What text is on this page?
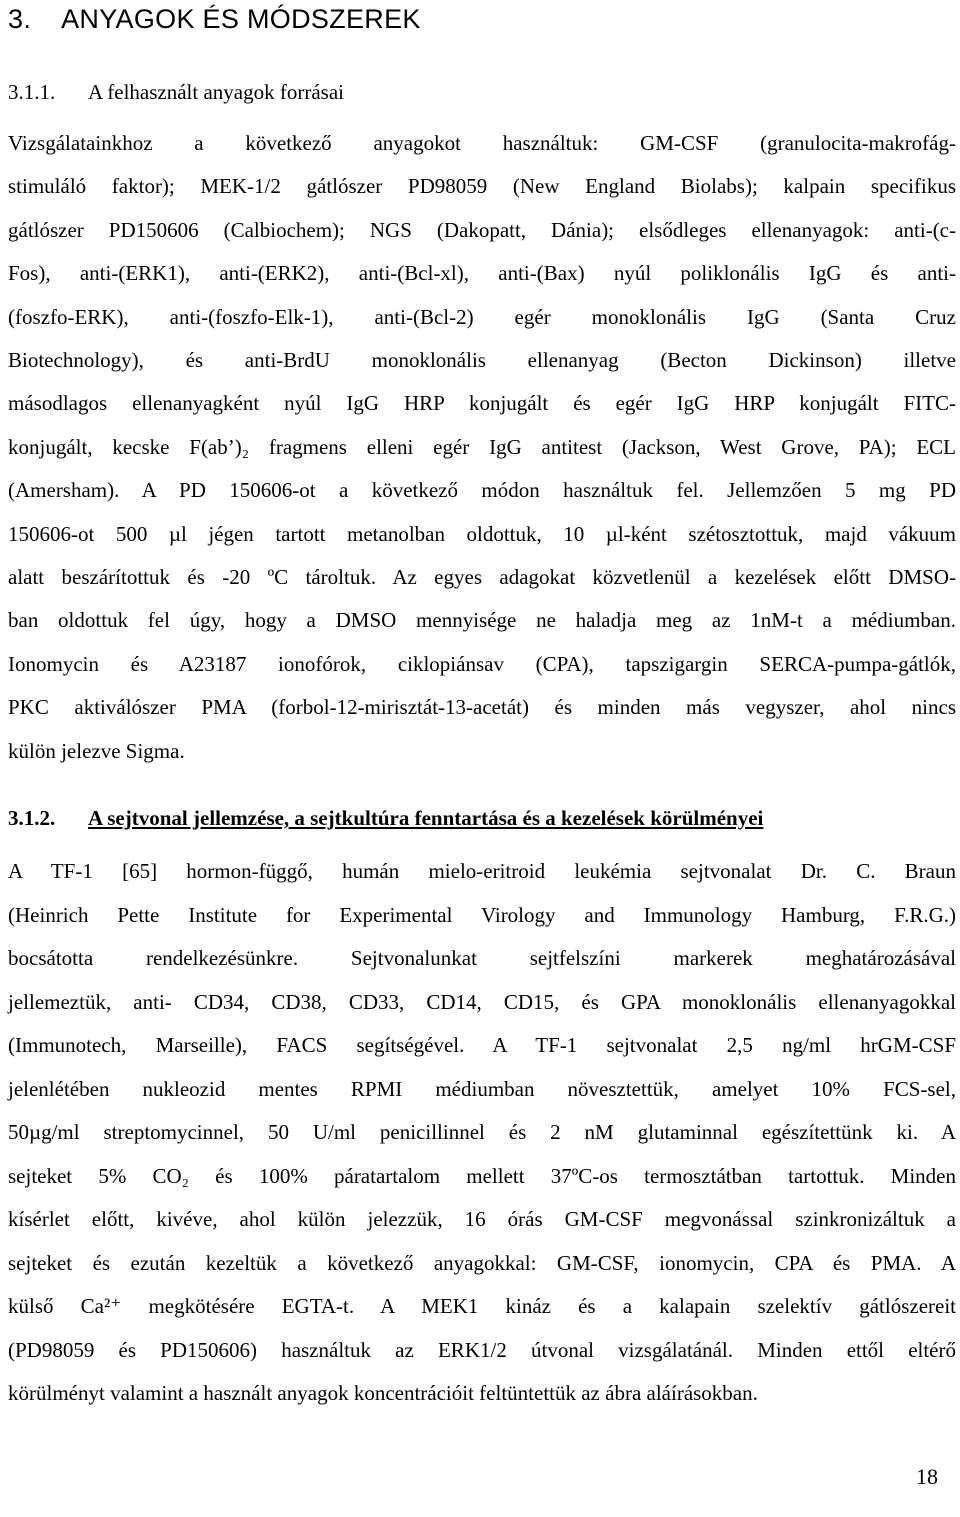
3. ANYAGOK ÉS MÓDSZEREK
3.1.1. A felhasznált anyagok forrásai
Vizsgálatainkhoz a következő anyagokot használtuk: GM-CSF (granulocita-makrofág-
stimuláló faktor); MEK-1/2 gátlószer PD98059 (New England Biolabs); kalpain specifikus
gátlószer PD150606 (Calbiochem); NGS (Dakopatt, Dánia); elsődleges ellenanyagok: anti-(c-
Fos), anti-(ERK1), anti-(ERK2), anti-(Bcl-xl), anti-(Bax) nyúl poliklonális IgG és anti-
(foszfo-ERK), anti-(foszfo-Elk-1), anti-(Bcl-2) egér monoklonális IgG (Santa Cruz
Biotechnology), és anti-BrdU monoklonális ellenanyag (Becton Dickinson) illetve
másodlagos ellenanyagként nyúl IgG HRP konjugált és egér IgG HRP konjugált FITC-
konjugált, kecske F(ab’)₂ fragmens elleni egér IgG antitest (Jackson, West Grove, PA); ECL
(Amersham). A PD 150606-ot a következő módon használtuk fel. Jellemzően 5 mg PD
150606-ot 500 µl jégen tartott metanolban oldottuk, 10 µl-ként szétosztottuk, majd vákuum
alatt beszárítottuk és -20 ºC tároltuk. Az egyes adagokat közvetlenül a kezelések előtt DMSO-
ban oldottuk fel úgy, hogy a DMSO mennyisége ne haladja meg az 1nM-t a médiumban.
Ionomycin és A23187 ionofórok, ciklopiánsav (CPA), tapszigargin SERCA-pumpa-gátlók,
PKC aktiválószer PMA (forbol-12-mirisztát-13-acetát) és minden más vegyszer, ahol nincs
külön jelezve Sigma.
3.1.2. A sejtvonal jellemzése, a sejtkultúra fenntartása és a kezelések körülményei
A TF-1 [65] hormon-függő, humán mielo-eritroid leukémia sejtvonalat Dr. C. Braun
(Heinrich Pette Institute for Experimental Virology and Immunology Hamburg, F.R.G.)
bocsátotta rendelkezésünkre. Sejtvonalunkat sejtfelszíni markerek meghatározásával
jellemeztük, anti- CD34, CD38, CD33, CD14, CD15, és GPA monoklonális ellenanyagokkal
(Immunotech, Marseille), FACS segítségével. A TF-1 sejtvonalat 2,5 ng/ml hrGM-CSF
jelenlétében nukleozid mentes RPMI médiumban növesztettük, amelyet 10% FCS-sel,
50µg/ml streptomycinnel, 50 U/ml penicillinnel és 2 nM glutaminnal egészítettünk ki. A
sejteket 5% CO₂ és 100% páratartalom mellett 37ºC-os termosztátban tartottuk. Minden
kísérlet előtt, kivéve, ahol külön jelezzük, 16 órás GM-CSF megvonással szinkronizáltuk a
sejteket és ezután kezeltük a következő anyagokkal: GM-CSF, ionomycin, CPA és PMA. A
külső Ca²⁺ megkötésére EGTA-t. A MEK1 kináz és a kalapain szelektív gátlószereit
(PD98059 és PD150606) használtuk az ERK1/2 útvonal vizsgálatánál. Minden ettől eltérő
körülményt valamint a használt anyagok koncentrációit feltüntettük az ábra aláírásokban.
18
